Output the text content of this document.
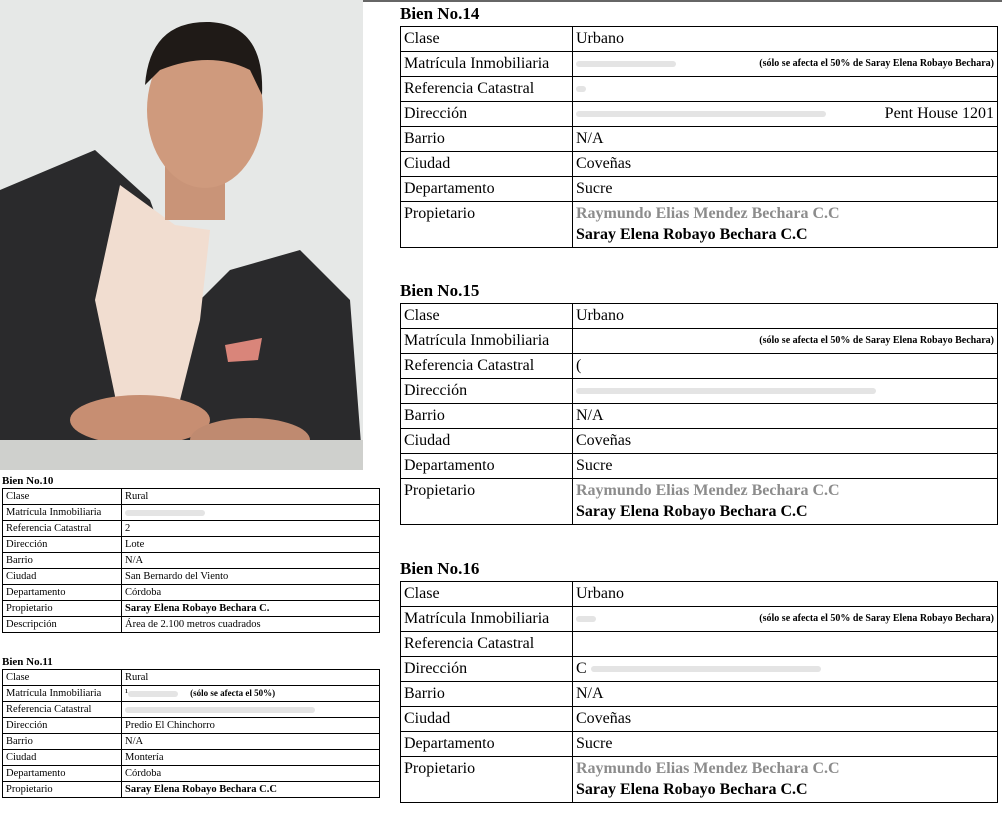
Bien No.14
Clase	Urbano
Matrícula Inmobiliaria	(sólo se afecta el 50% de Saray Elena Robayo Bechara)

Referencia Catastral	
Dirección	Pent House 1201

Barrio	N/A
Ciudad	Coveñas
Departamento	Sucre
Propietario	Raymundo Elias Mendez Bechara C.C
Saray Elena Robayo Bechara C.C
Bien No.15
Clase	Urbano
Matrícula Inmobiliaria	(sólo se afecta el 50% de Saray Elena Robayo Bechara)

Referencia Catastral	(
Dirección	
Barrio	N/A
Ciudad	Coveñas
Departamento	Sucre
Propietario	Raymundo Elias Mendez Bechara C.C
Saray Elena Robayo Bechara C.C
Bien No.16
Clase	Urbano
Matrícula Inmobiliaria	(sólo se afecta el 50% de Saray Elena Robayo Bechara)

Referencia Catastral	
Dirección	C
Barrio	N/A
Ciudad	Coveñas
Departamento	Sucre
Propietario	Raymundo Elias Mendez Bechara C.C
Saray Elena Robayo Bechara C.C
Bien No.10
Clase	Rural
Matrícula Inmobiliaria	
Referencia Catastral	2
Dirección	Lote
Barrio	N/A
Ciudad	San Bernardo del Viento
Departamento	Córdoba
Propietario	Saray Elena Robayo Bechara C.
Descripción	Área de 2.100 metros cuadrados
Bien No.11
Clase	Rural
Matrícula Inmobiliaria	¹ (sólo se afecta el 50%)
Referencia Catastral	
Dirección	Predio El Chinchorro
Barrio	N/A
Ciudad	Montería
Departamento	Córdoba
Propietario	Saray Elena Robayo Bechara C.C
